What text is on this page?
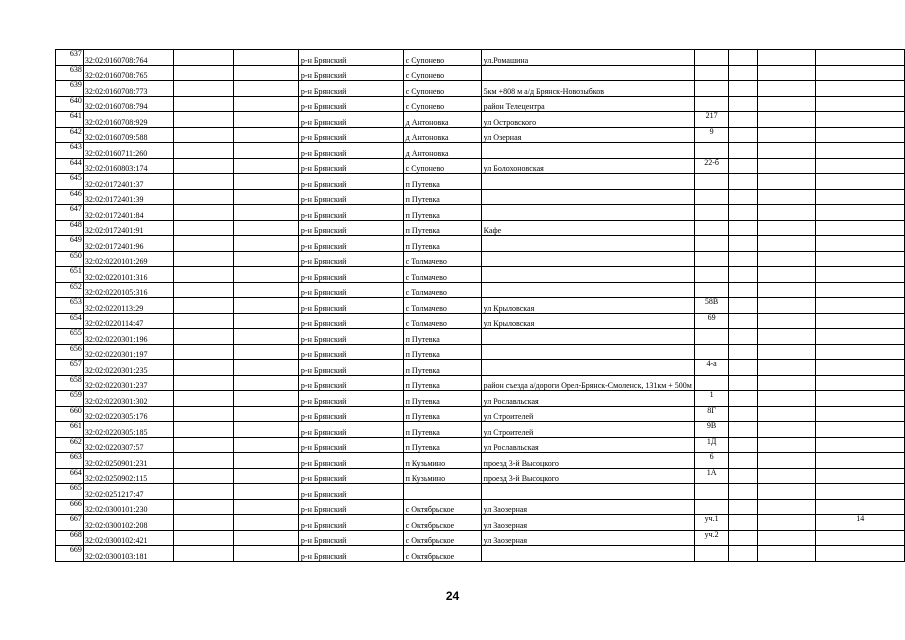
637	32:02:0160708:764			р-н Брянский	с Супонево	ул.Ромашина				
638	32:02:0160708:765			р-н Брянский	с Супонево					
639	32:02:0160708:773			р-н Брянский	с Супонево	5км +808 м а/д Брянск-Новозыбков				
640	32:02:0160708:794			р-н Брянский	с Супонево	район Телецентра				
641	32:02:0160708:929			р-н Брянский	д Антоновка	ул Островского	217			
642	32:02:0160709:588			р-н Брянский	д Антоновка	ул Озерная	9			
643	32:02:0160711:260			р-н Брянский	д Антоновка					
644	32:02:0160803:174			р-н Брянский	с Супонево	ул Болохоновская	22-б			
645	32:02:0172401:37			р-н Брянский	п Путевка					
646	32:02:0172401:39			р-н Брянский	п Путевка					
647	32:02:0172401:84			р-н Брянский	п Путевка					
648	32:02:0172401:91			р-н Брянский	п Путевка	Кафе				
649	32:02:0172401:96			р-н Брянский	п Путевка					
650	32:02:0220101:269			р-н Брянский	с Толмачево					
651	32:02:0220101:316			р-н Брянский	с Толмачево					
652	32:02:0220105:316			р-н Брянский	с Толмачево					
653	32:02:0220113:29			р-н Брянский	с Толмачево	ул Крыловская	58В			
654	32:02:0220114:47			р-н Брянский	с Толмачево	ул Крыловская	69			
655	32:02:0220301:196			р-н Брянский	п Путевка					
656	32:02:0220301:197			р-н Брянский	п Путевка					
657	32:02:0220301:235			р-н Брянский	п Путевка		4-а			
658	32:02:0220301:237			р-н Брянский	п Путевка	район съезда а/дороги Орел-Брянск-Смоленск, 131км + 500м				
659	32:02:0220301:302			р-н Брянский	п Путевка	ул Рославльская	1			
660	32:02:0220305:176			р-н Брянский	п Путевка	ул Строителей	8Г			
661	32:02:0220305:185			р-н Брянский	п Путевка	ул Строителей	9В			
662	32:02:0220307:57			р-н Брянский	п Путевка	ул Рославльская	1Д			
663	32:02:0250901:231			р-н Брянский	п Кузьмино	проезд 3-й Высоцкого	6			
664	32:02:0250902:115			р-н Брянский	п Кузьмино	проезд 3-й Высоцкого	1А			
665	32:02:0251217:47			р-н Брянский						
666	32:02:0300101:230			р-н Брянский	с Октябрьское	ул Заозерная				
667	32:02:0300102:208			р-н Брянский	с Октябрьское	ул Заозерная	уч.1			14
668	32:02:0300102:421			р-н Брянский	с Октябрьское	ул Заозерная	уч.2			
669	32:02:0300103:181			р-н Брянский	с Октябрьское					
24
